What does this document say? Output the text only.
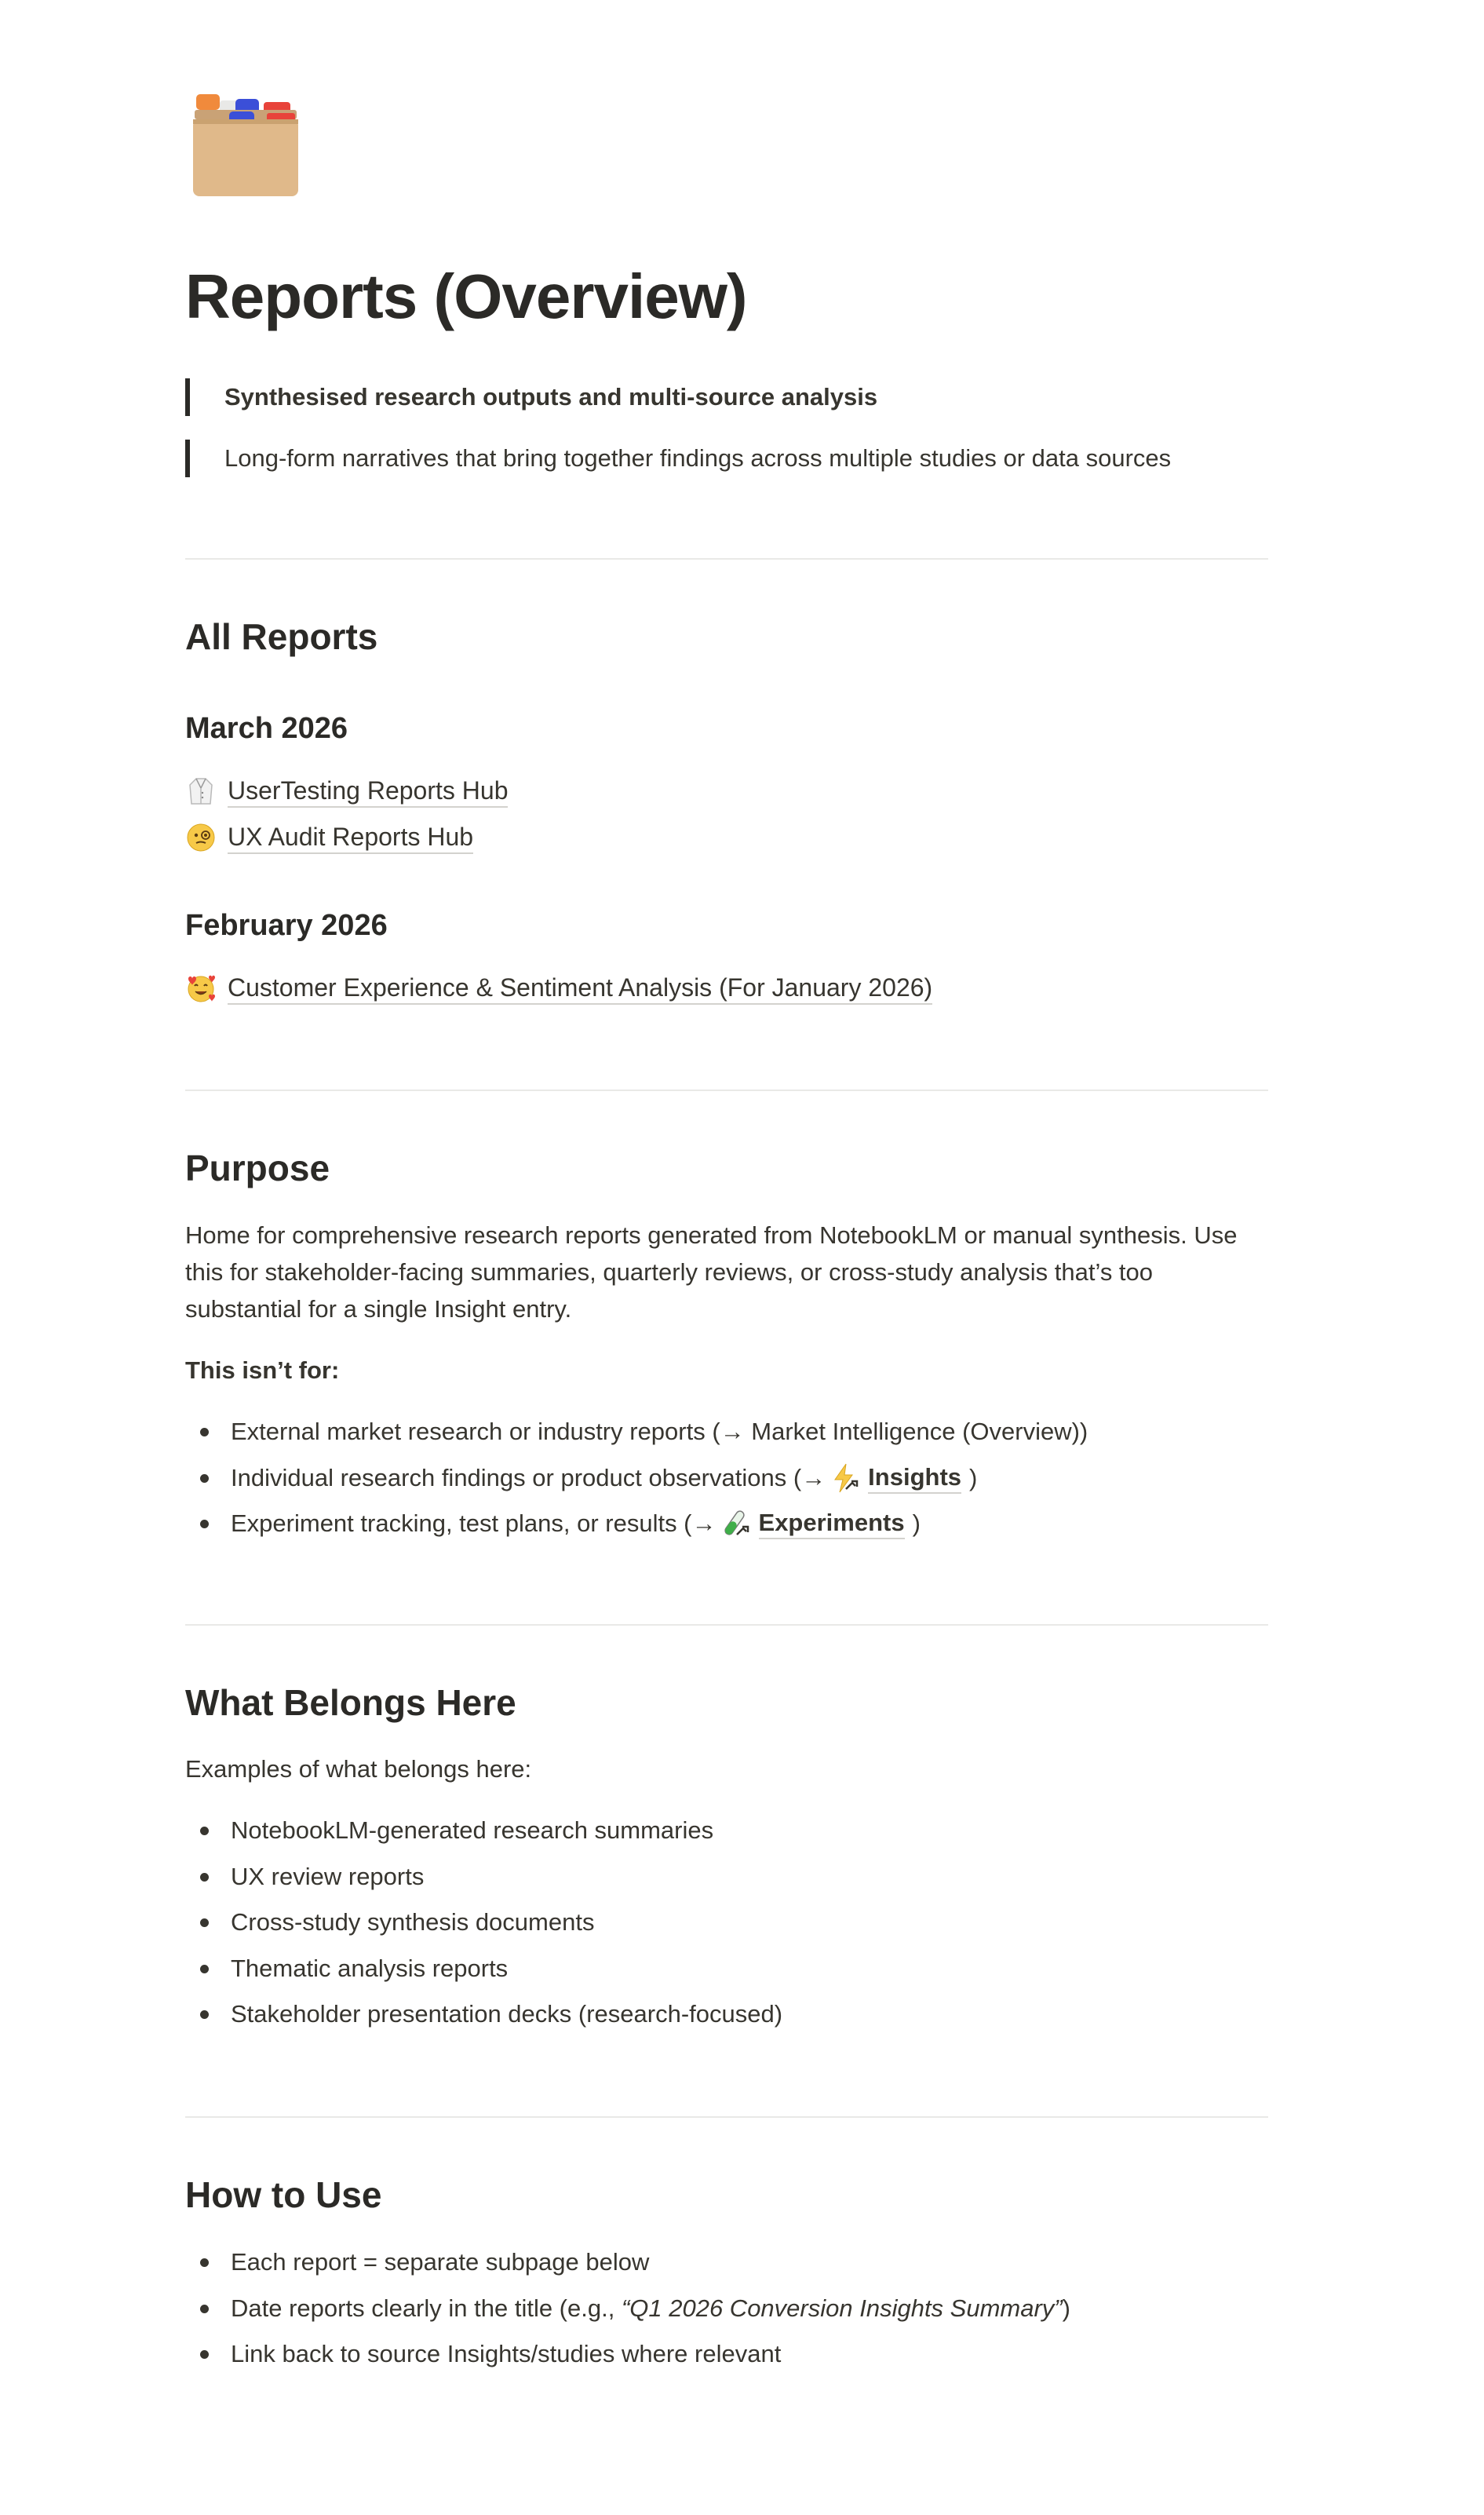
Reports (Overview)
Synthesised research outputs and multi-source analysis
Long-form narratives that bring together findings across multiple studies or data sources
All Reports
March 2026
UserTesting Reports Hub
UX Audit Reports Hub
February 2026
Customer Experience & Sentiment Analysis (For January 2026)
Purpose

Home for comprehensive research reports generated from NotebookLM or manual synthesis. Use this for stakeholder-facing summaries, quarterly reviews, or cross-study analysis that’s too substantial for a single Insight entry.

This isn’t for:

External market research or industry reports (→ Market Intelligence (Overview))
Individual research findings or product observations (→ Insights )
Experiment tracking, test plans, or results (→ Experiments )
What Belongs Here

Examples of what belongs here:

NotebookLM-generated research summaries
UX review reports
Cross-study synthesis documents
Thematic analysis reports
Stakeholder presentation decks (research-focused)
How to Use
Each report = separate subpage below
Date reports clearly in the title (e.g., “Q1 2026 Conversion Insights Summary” )
Link back to source Insights/studies where relevant
